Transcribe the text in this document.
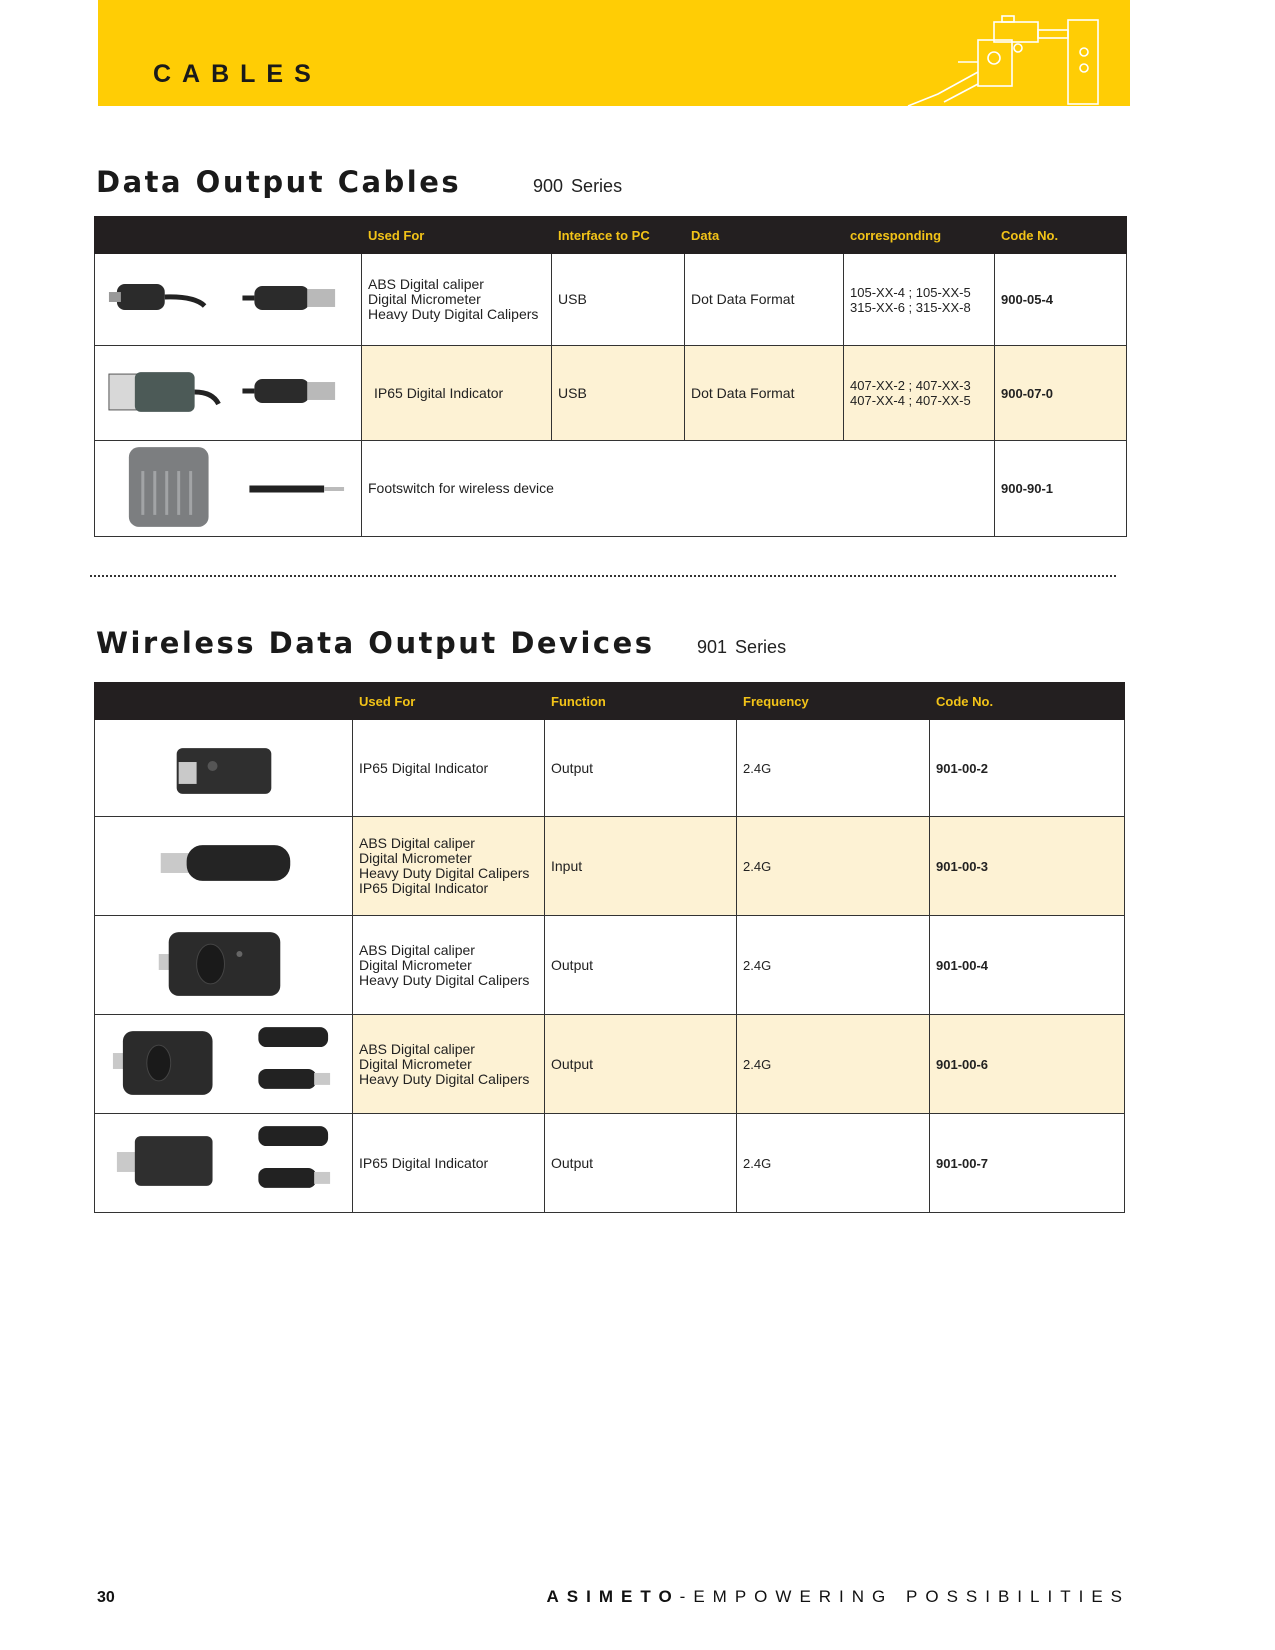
CABLES
Data Output Cables	900 Series
	Used For	Interface to PC	Data	corresponding	Code No.

ABS Digital caliper
Digital Micrometer
Heavy Duty Digital Calipers	USB	Dot Data Format	105-XX-4 ; 105-XX-5
315-XX-6 ; 315-XX-8	900-05-4
	IP65 Digital Indicator	USB	Dot Data Format	407-XX-2 ; 407-XX-3
407-XX-4 ; 407-XX-5	900-07-0
	Footswitch for wireless device				900-90-1
Wireless Data Output Devices 901 Series
	Used For	Function	Frequency	Code No.

IP65 Digital Indicator	Output	2.4G	901-00-2

ABS Digital caliper
Digital Micrometer
Heavy Duty Digital Calipers
IP65 Digital Indicator	Input	2.4G	901-00-3

ABS Digital caliper
Digital Micrometer
Heavy Duty Digital Calipers	Output	2.4G	901-00-4

ABS Digital caliper
Digital Micrometer
Heavy Duty Digital Calipers	Output	2.4G	901-00-6

IP65 Digital Indicator	Output	2.4G	901-00-7
30	ASIMETO-EMPOWERING POSSIBILITIES
